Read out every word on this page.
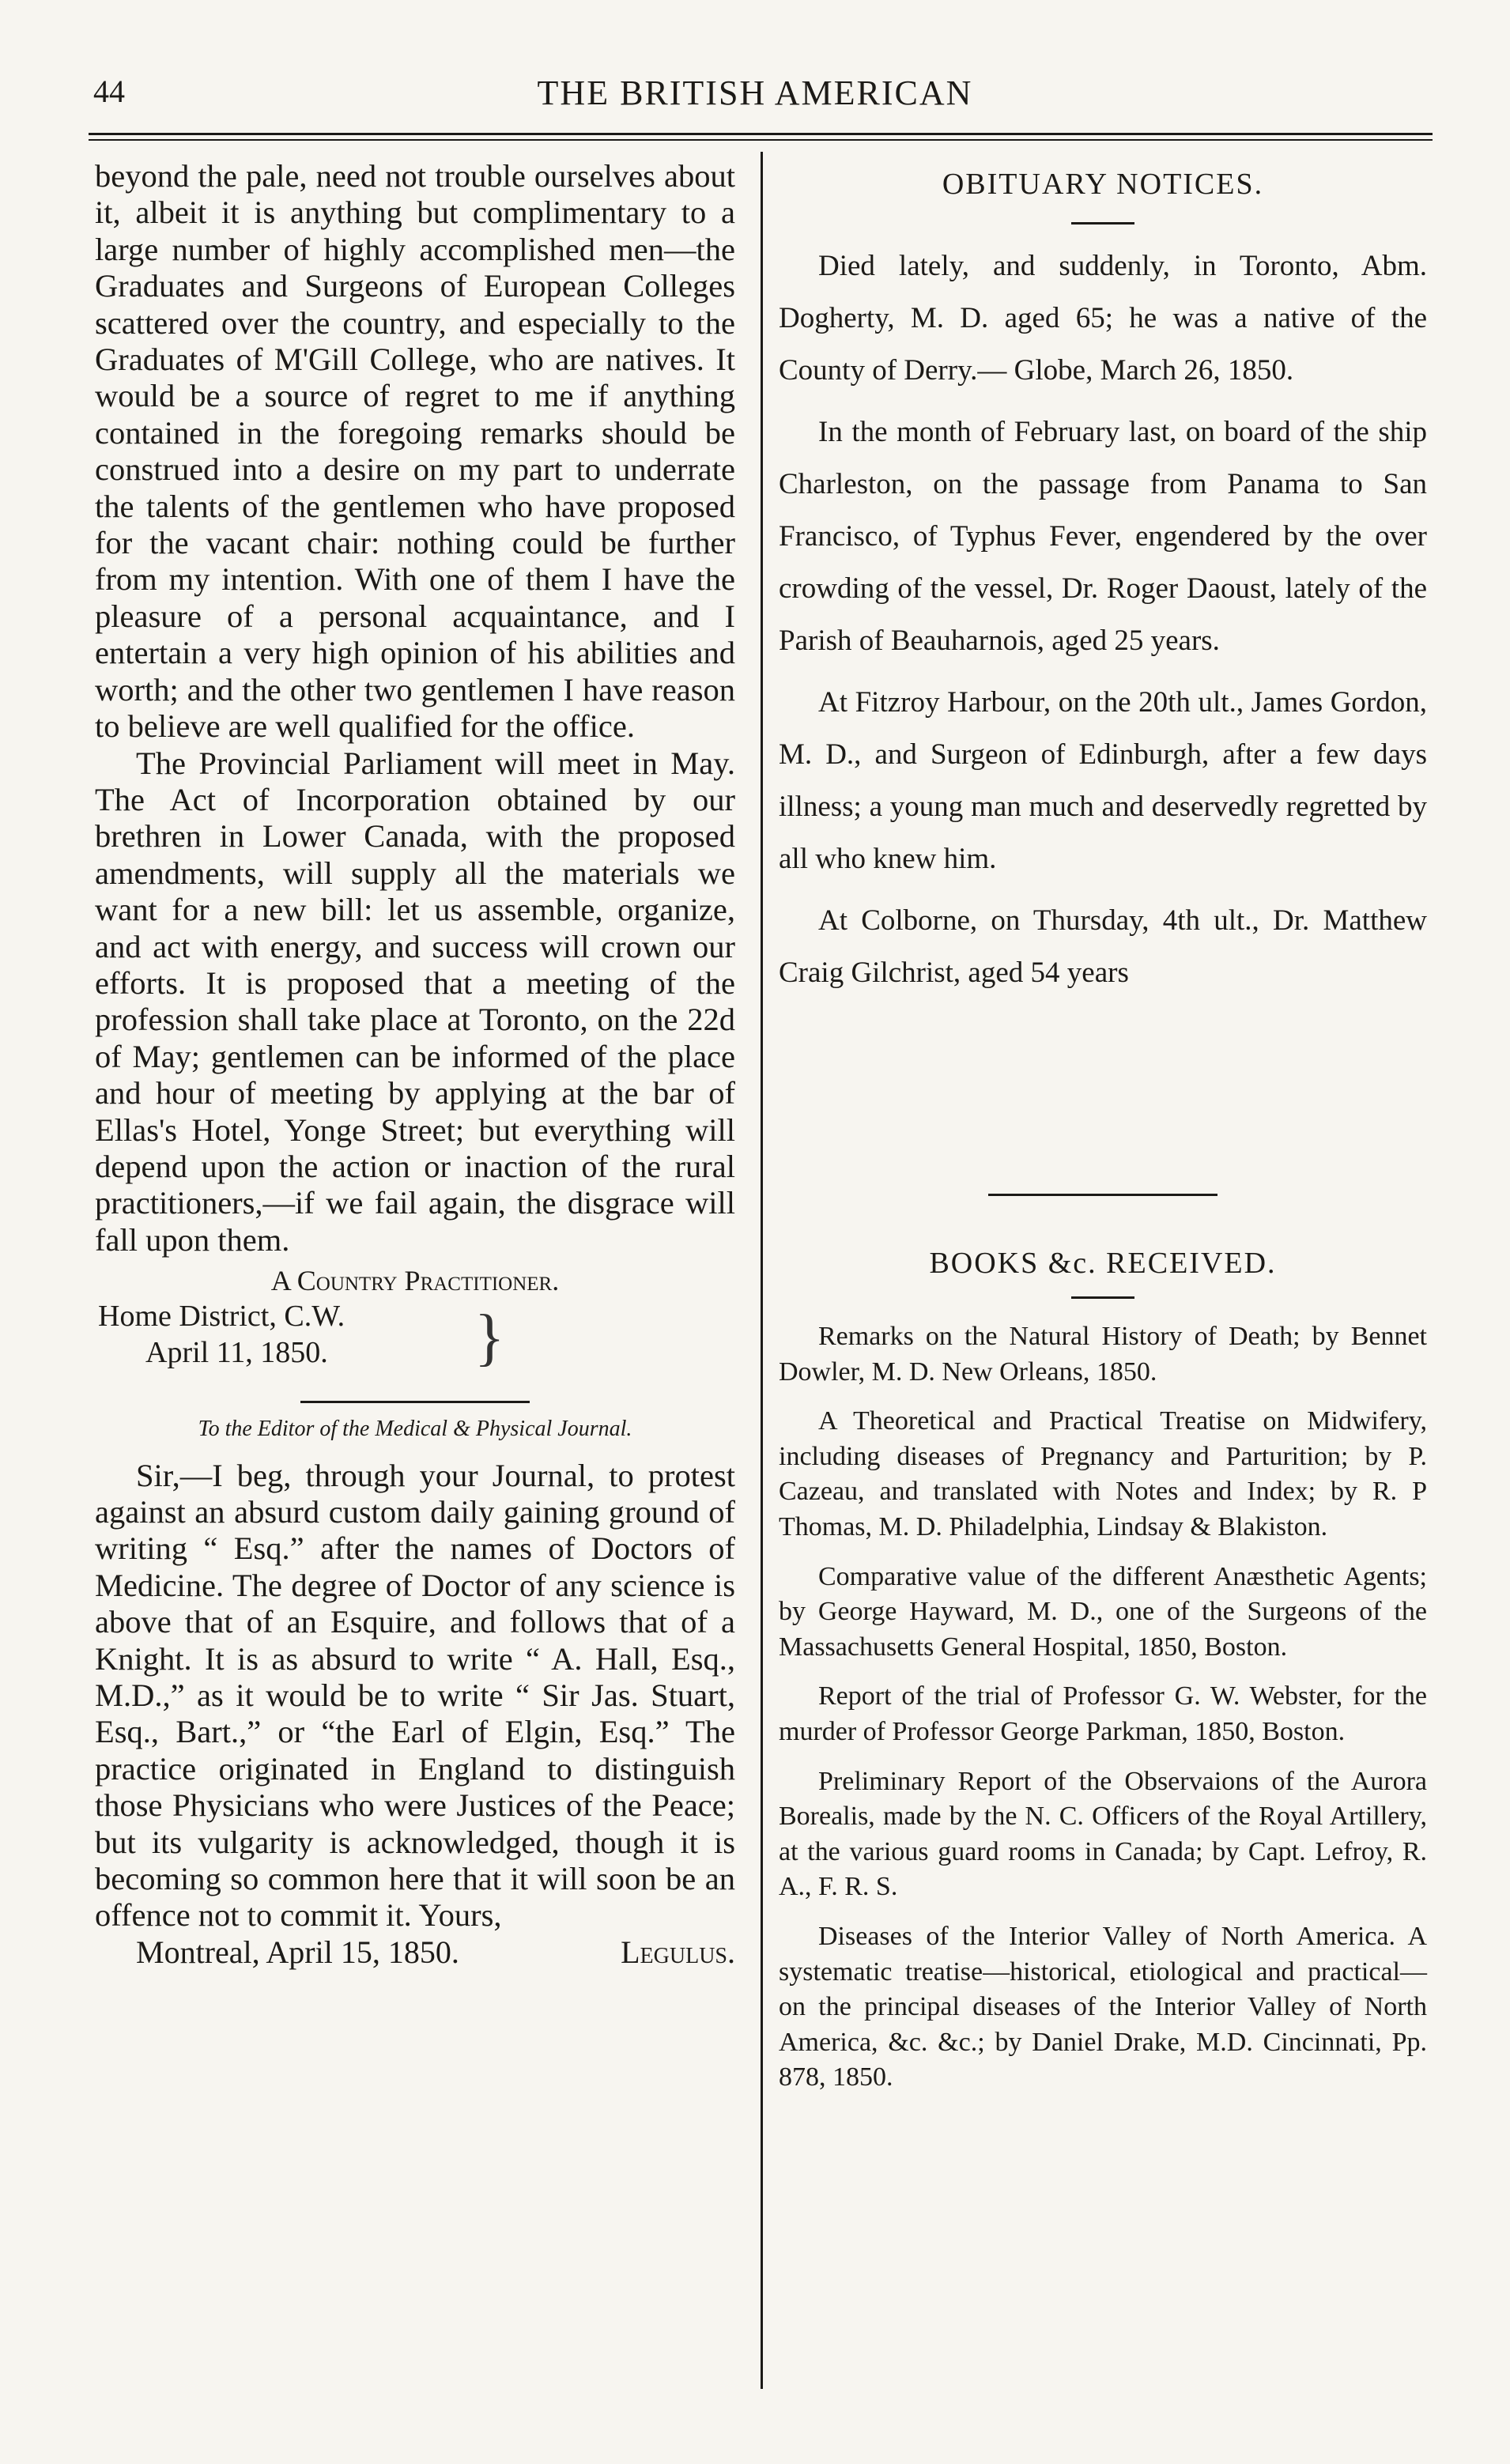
44	THE BRITISH AMERICAN

beyond the pale, need not trouble ourselves about it, albeit it is anything but complimentary to a large number of highly accomplished men—the Graduates and Surgeons of European Colleges scattered over the country, and especially to the Graduates of M'Gill College, who are natives. It would be a source of regret to me if anything contained in the foregoing remarks should be construed into a desire on my part to underrate the talents of the gentlemen who have proposed for the vacant chair: nothing could be further from my intention. With one of them I have the pleasure of a personal acquaintance, and I entertain a very high opinion of his abilities and worth; and the other two gentlemen I have reason to believe are well qualified for the office.

The Provincial Parliament will meet in May. The Act of Incorporation obtained by our brethren in Lower Canada, with the proposed amendments, will supply all the materials we want for a new bill: let us assemble, organize, and act with energy, and success will crown our efforts. It is proposed that a meeting of the profession shall take place at Toronto, on the 22d of May; gentlemen can be informed of the place and hour of meeting by applying at the bar of Ellas's Hotel, Yonge Street; but everything will depend upon the action or inaction of the rural practitioners,—if we fail again, the disgrace will fall upon them.

A Country Practitioner.
Home District, C.W.
April 11, 1850.	}
To the Editor of the Medical & Physical Journal.

Sir,—I beg, through your Journal, to protest against an absurd custom daily gaining ground of writing “ Esq.” after the names of Doctors of Medicine. The degree of Doctor of any science is above that of an Esquire, and follows that of a Knight. It is as absurd to write “ A. Hall, Esq., M.D.,” as it would be to write “ Sir Jas. Stuart, Esq., Bart.,” or “the Earl of Elgin, Esq.” The practice originated in England to distinguish those Physicians who were Justices of the Peace; but its vulgarity is acknowledged, though it is becoming so common here that it will soon be an offence not to commit it. Yours,

Montreal, April 15, 1850.	Legulus.
OBITUARY NOTICES.

Died lately, and suddenly, in Toronto, Abm. Dogherty, M. D. aged 65; he was a native of the County of Derry.— Globe, March 26, 1850.

In the month of February last, on board of the ship Charleston, on the passage from Panama to San Francisco, of Typhus Fever, engendered by the over crowding of the vessel, Dr. Roger Daoust, lately of the Parish of Beauharnois, aged 25 years.

At Fitzroy Harbour, on the 20th ult., James Gordon, M. D., and Surgeon of Edinburgh, after a few days illness; a young man much and deservedly regretted by all who knew him.

At Colborne, on Thursday, 4th ult., Dr. Matthew Craig Gilchrist, aged 54 years

BOOKS &c. RECEIVED.

Remarks on the Natural History of Death; by Bennet Dowler, M. D. New Orleans, 1850.

A Theoretical and Practical Treatise on Midwifery, including diseases of Pregnancy and Parturition; by P. Cazeau, and translated with Notes and Index; by R. P Thomas, M. D. Philadelphia, Lindsay & Blakiston.

Comparative value of the different Anæsthetic Agents; by George Hayward, M. D., one of the Surgeons of the Massachusetts General Hospital, 1850, Boston.

Report of the trial of Professor G. W. Webster, for the murder of Professor George Parkman, 1850, Boston.

Preliminary Report of the Observaions of the Aurora Borealis, made by the N. C. Officers of the Royal Artillery, at the various guard rooms in Canada; by Capt. Lefroy, R. A., F. R. S.

Diseases of the Interior Valley of North America. A systematic treatise—historical, etiological and practical—on the principal diseases of the Interior Valley of North America, &c. &c.; by Daniel Drake, M.D. Cincinnati, Pp. 878, 1850.
